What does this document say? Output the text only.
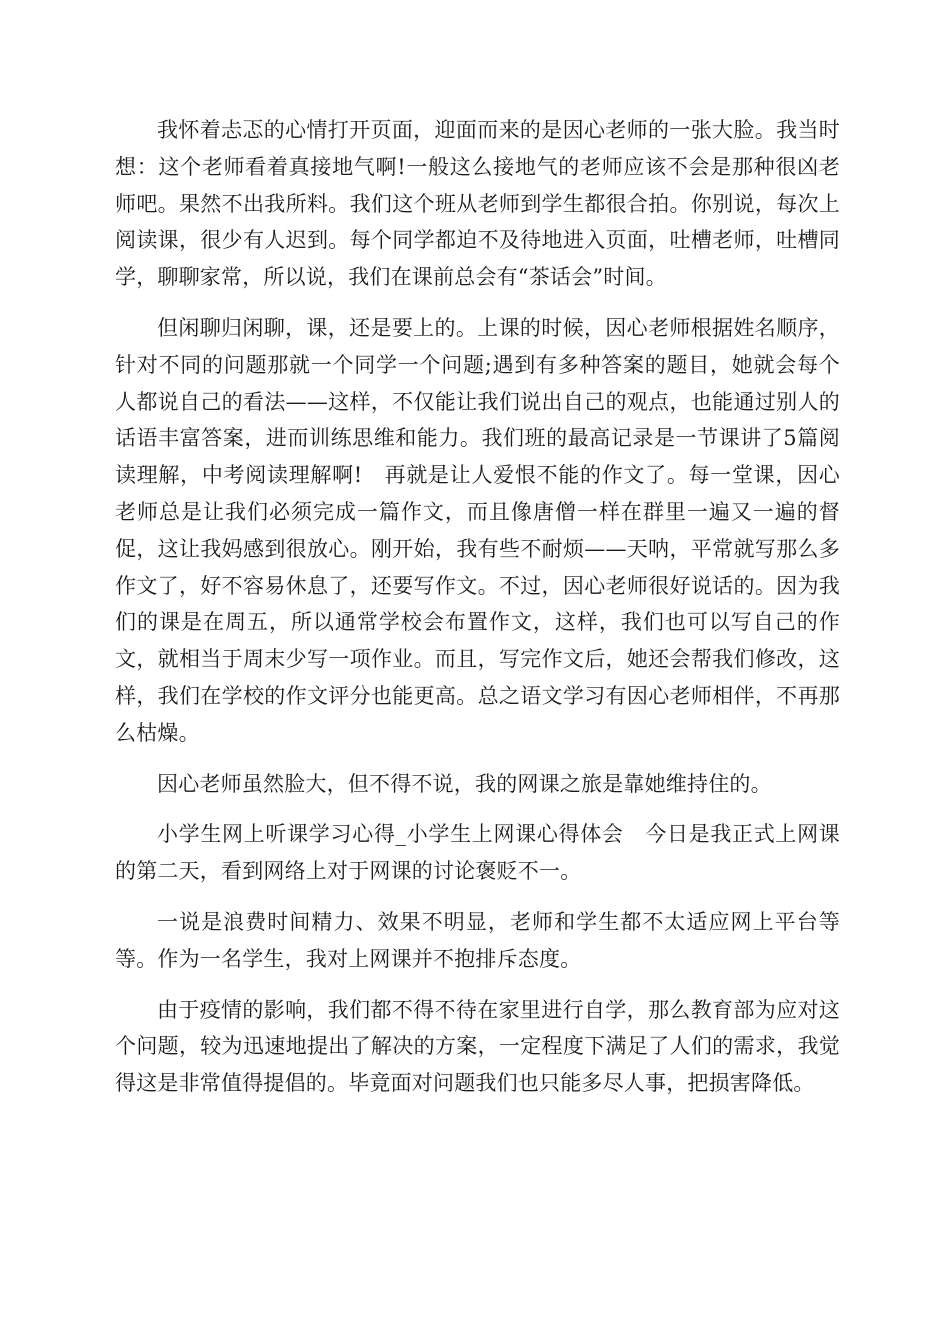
我怀着忐忑的心情打开页面，迎面而来的是因心老师的一张大脸。我当时想：这个老师看着真接地气啊!一般这么接地气的老师应该不会是那种很凶老师吧。果然不出我所料。我们这个班从老师到学生都很合拍。你别说，每次上阅读课，很少有人迟到。每个同学都迫不及待地进入页面，吐槽老师，吐槽同学，聊聊家常，所以说，我们在课前总会有“茶话会”时间。

但闲聊归闲聊，课，还是要上的。上课的时候，因心老师根据姓名顺序，针对不同的问题那就一个同学一个问题;遇到有多种答案的题目，她就会每个人都说自己的看法——这样，不仅能让我们说出自己的观点，也能通过别人的话语丰富答案，进而训练思维和能力。我们班的最高记录是一节课讲了5篇阅读理解，中考阅读理解啊!　再就是让人爱恨不能的作文了。每一堂课，因心老师总是让我们必须完成一篇作文，而且像唐僧一样在群里一遍又一遍的督促，这让我妈感到很放心。刚开始，我有些不耐烦——天呐，平常就写那么多作文了，好不容易休息了，还要写作文。不过，因心老师很好说话的。因为我们的课是在周五，所以通常学校会布置作文，这样，我们也可以写自己的作文，就相当于周末少写一项作业。而且，写完作文后，她还会帮我们修改，这样，我们在学校的作文评分也能更高。总之语文学习有因心老师相伴，不再那么枯燥。

因心老师虽然脸大，但不得不说，我的网课之旅是靠她维持住的。

小学生网上听课学习心得_小学生上网课心得体会　今日是我正式上网课的第二天，看到网络上对于网课的讨论褒贬不一。

一说是浪费时间精力、效果不明显，老师和学生都不太适应网上平台等等。作为一名学生，我对上网课并不抱排斥态度。

由于疫情的影响，我们都不得不待在家里进行自学，那么教育部为应对这个问题，较为迅速地提出了解决的方案，一定程度下满足了人们的需求，我觉得这是非常值得提倡的。毕竟面对问题我们也只能多尽人事，把损害降低。
